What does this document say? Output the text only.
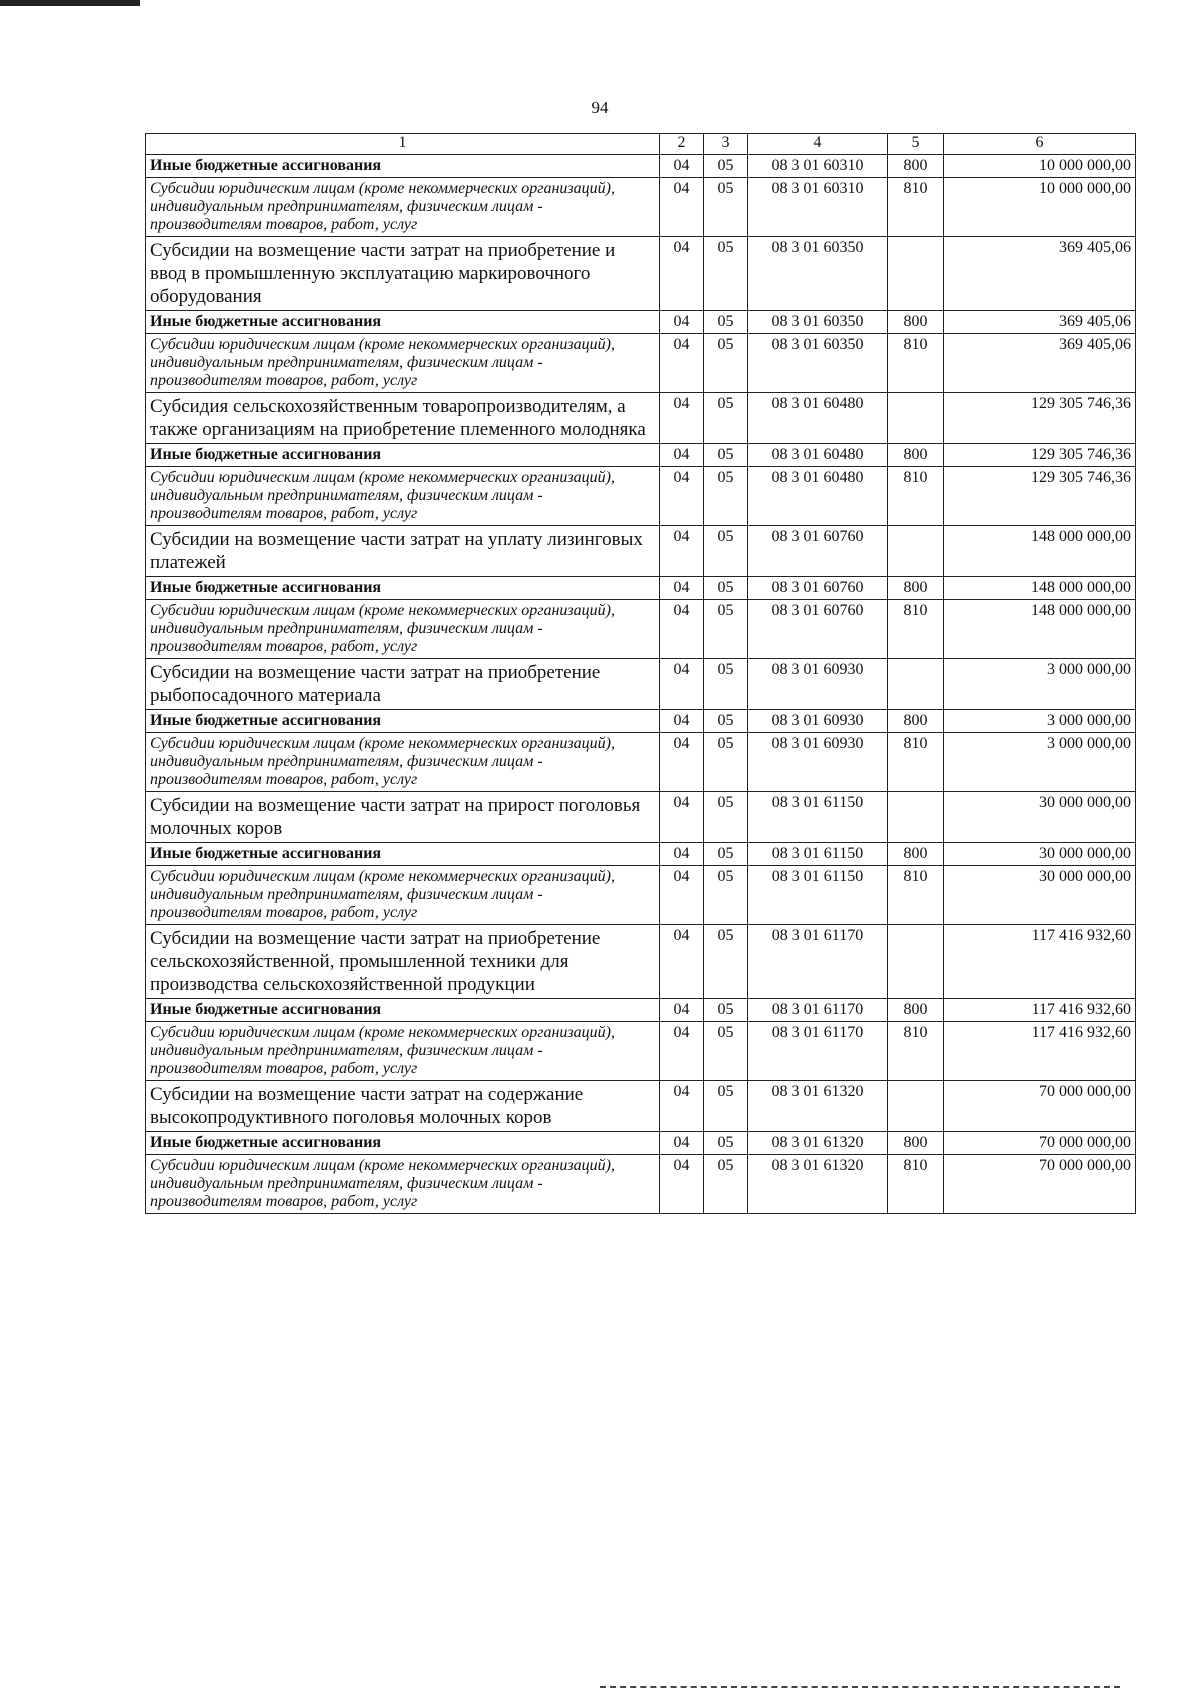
94
1	2	3	4	5	6
Иные бюджетные ассигнования	04	05	08 3 01 60310	800	10 000 000,00
Субсидии юридическим лицам (кроме некоммерческих организаций), индивидуальным предпринимателям, физическим лицам - производителям товаров, работ, услуг	04	05	08 3 01 60310	810	10 000 000,00
Субсидии на возмещение части затрат на приобретение и ввод в промышленную эксплуатацию маркировочного оборудования	04	05	08 3 01 60350		369 405,06
Иные бюджетные ассигнования	04	05	08 3 01 60350	800	369 405,06
Субсидии юридическим лицам (кроме некоммерческих организаций), индивидуальным предпринимателям, физическим лицам - производителям товаров, работ, услуг	04	05	08 3 01 60350	810	369 405,06
Субсидия сельскохозяйственным товаропроизводителям, а также организациям на приобретение племенного молодняка	04	05	08 3 01 60480		129 305 746,36
Иные бюджетные ассигнования	04	05	08 3 01 60480	800	129 305 746,36
Субсидии юридическим лицам (кроме некоммерческих организаций), индивидуальным предпринимателям, физическим лицам - производителям товаров, работ, услуг	04	05	08 3 01 60480	810	129 305 746,36
Субсидии на возмещение части затрат на уплату лизинговых платежей	04	05	08 3 01 60760		148 000 000,00
Иные бюджетные ассигнования	04	05	08 3 01 60760	800	148 000 000,00
Субсидии юридическим лицам (кроме некоммерческих организаций), индивидуальным предпринимателям, физическим лицам - производителям товаров, работ, услуг	04	05	08 3 01 60760	810	148 000 000,00
Субсидии на возмещение части затрат на приобретение рыбопосадочного материала	04	05	08 3 01 60930		3 000 000,00
Иные бюджетные ассигнования	04	05	08 3 01 60930	800	3 000 000,00
Субсидии юридическим лицам (кроме некоммерческих организаций), индивидуальным предпринимателям, физическим лицам - производителям товаров, работ, услуг	04	05	08 3 01 60930	810	3 000 000,00
Субсидии на возмещение части затрат на прирост поголовья молочных коров	04	05	08 3 01 61150		30 000 000,00
Иные бюджетные ассигнования	04	05	08 3 01 61150	800	30 000 000,00
Субсидии юридическим лицам (кроме некоммерческих организаций), индивидуальным предпринимателям, физическим лицам - производителям товаров, работ, услуг	04	05	08 3 01 61150	810	30 000 000,00
Субсидии на возмещение части затрат на приобретение сельскохозяйственной, промышленной техники для производства сельскохозяйственной продукции	04	05	08 3 01 61170		117 416 932,60
Иные бюджетные ассигнования	04	05	08 3 01 61170	800	117 416 932,60
Субсидии юридическим лицам (кроме некоммерческих организаций), индивидуальным предпринимателям, физическим лицам - производителям товаров, работ, услуг	04	05	08 3 01 61170	810	117 416 932,60
Субсидии на возмещение части затрат на содержание высокопродуктивного поголовья молочных коров	04	05	08 3 01 61320		70 000 000,00
Иные бюджетные ассигнования	04	05	08 3 01 61320	800	70 000 000,00
Субсидии юридическим лицам (кроме некоммерческих организаций), индивидуальным предпринимателям, физическим лицам - производителям товаров, работ, услуг	04	05	08 3 01 61320	810	70 000 000,00
